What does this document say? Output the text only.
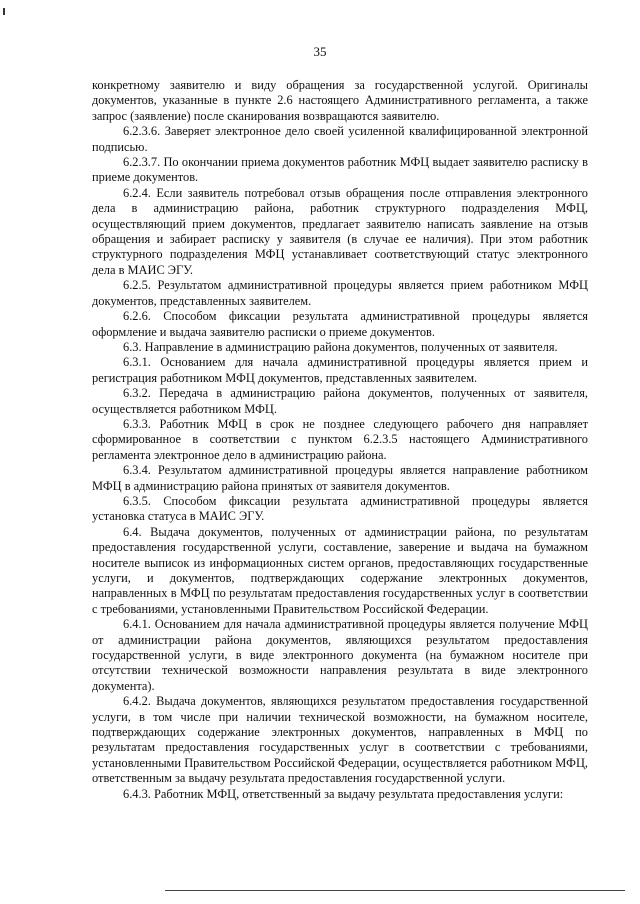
35

конкретному заявителю и виду обращения за государственной услугой. Оригиналы документов, указанные в пункте 2.6 настоящего Административного регламента, а также запрос (заявление) после сканирования возвращаются заявителю.

6.2.3.6. Заверяет электронное дело своей усиленной квалифицированной электронной подписью.

6.2.3.7. По окончании приема документов работник МФЦ выдает заявителю расписку в приеме документов.

6.2.4. Если заявитель потребовал отзыв обращения после отправления электронного дела в администрацию района, работник структурного подразделения МФЦ, осуществляющий прием документов, предлагает заявителю написать заявление на отзыв обращения и забирает расписку у заявителя (в случае ее наличия). При этом работник структурного подразделения МФЦ устанавливает соответствующий статус электронного дела в МАИС ЭГУ.

6.2.5. Результатом административной процедуры является прием работником МФЦ документов, представленных заявителем.

6.2.6. Способом фиксации результата административной процедуры является оформление и выдача заявителю расписки о приеме документов.

6.3. Направление в администрацию района документов, полученных от заявителя.

6.3.1. Основанием для начала административной процедуры является прием и регистрация работником МФЦ документов, представленных заявителем.

6.3.2. Передача в администрацию района документов, полученных от заявителя, осуществляется работником МФЦ.

6.3.3. Работник МФЦ в срок не позднее следующего рабочего дня направляет сформированное в соответствии с пунктом 6.2.3.5 настоящего Административного регламента электронное дело в администрацию района.

6.3.4. Результатом административной процедуры является направление работником МФЦ в администрацию района принятых от заявителя документов.

6.3.5. Способом фиксации результата административной процедуры является установка статуса в МАИС ЭГУ.

6.4. Выдача документов, полученных от администрации района, по результатам предоставления государственной услуги, составление, заверение и выдача на бумажном носителе выписок из информационных систем органов, предоставляющих государственные услуги, и документов, подтверждающих содержание электронных документов, направленных в МФЦ по результатам предоставления государственных услуг в соответствии с требованиями, установленными Правительством Российской Федерации.

6.4.1. Основанием для начала административной процедуры является получение МФЦ от администрации района документов, являющихся результатом предоставления государственной услуги, в виде электронного документа (на бумажном носителе при отсутствии технической возможности направления результата в виде электронного документа).

6.4.2. Выдача документов, являющихся результатом предоставления государственной услуги, в том числе при наличии технической возможности, на бумажном носителе, подтверждающих содержание электронных документов, направленных в МФЦ по результатам предоставления государственных услуг в соответствии с требованиями, установленными Правительством Российской Федерации, осуществляется работником МФЦ, ответственным за выдачу результата предоставления государственной услуги.

6.4.3. Работник МФЦ, ответственный за выдачу результата предоставления услуги:
